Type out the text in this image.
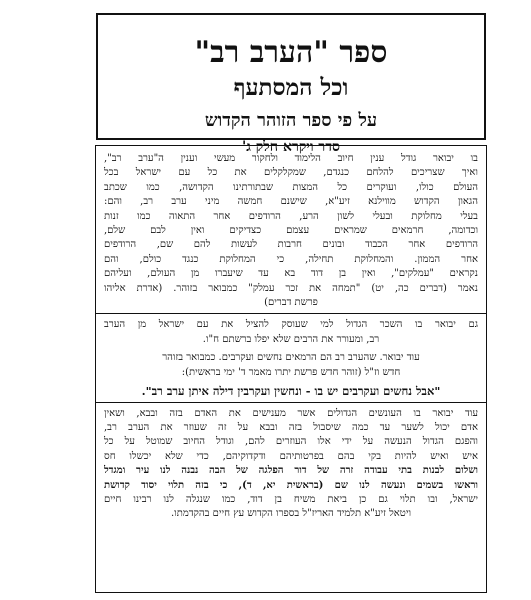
ספר "הערב רב"
וכל המסתעף
על פי ספר הזוהר הקדוש
סדר ויקרא חלק ג'
בו יבואר גודל ענין חיוב הלימוד ולחקור מעשי וענין ה"ערב רב",
ואיך שצריכים להלחם כנגדם, שמקלקלים את כל עם ישראל בכל
העולם כולו, ועוקרים כל המצות שבתורתינו הקדושה, כמו שכתב
הגאון הקדוש מווילנא זיע"א, שישנם חמשה מיני ערב רב, והם:
בעלי מחלוקת ובעלי לשון הרע, הרודפים אחר התאוה כמו זנות
וכדומה, חרמאים שמראים עצמם כצדיקים ואין לבם שלם,
הרודפים אחר הכבוד ובונים חרבות לעשות להם שם, הרודפים
אחר הממון. והמחלוקת תחילה, כי המחלוקת כנגד כולם, והם
נקראים "עמלקים", ואין בן דוד בא עד שיעברו מן העולם, ועליהם
נאמר (דברים כה, יט) "תמחה את זכר עמלק" כמבואר בזוהר. (אדרת אליהו
פרשת דברים)
גם יבואר בו השכר הגדול למי שעוסק להציל את עם ישראל מן הערב
רב, ומעורר את הרבים שלא יפלו ברשתם ח"ו.
עוד יבואר. שהערב רב הם הרמאים נחשים ועקרבים. כמבואר בזוהר
חדש וז"ל (זוהר חדש פרשת יתרו מאמר ד' ימי בראשית):
"אבל נחשים ועקרבים יש בו - ונחשין ועקרבין דילה איתן ערב רב".
עוד יבואר בו העונשים הגדולים אשר מענישים את האדם בזה ובבא, ושאין
אדם יכול לשער עד כמה שיסבול בזה ובבא על זה שעוזר את הערב רב,
והפגם הגדול הנעשה על ידי אלו העוזרים להם, וגודל החיוב שמוטל על כל
איש ואיש להיות בקי בהם בפרטותיהם ודקדוקיהם, כדי שלא יכשלו חס
ושלום לבנות בתי עבודה זרה של דור הפלגה של הבה נבנה לנו עיר ומגדל
וראשו בשמים ונעשה לנו שם (בראשית יא, ד), כי בזה תלוי יסוד קדושת
ישראל, ובו תלוי גם כן ביאת משיח בן דוד, כמו שנגלה לנו רבינו חיים
ויטאל זיע"א תלמיד האריז"ל בספרו הקדוש עץ חיים בהקדמתו.
